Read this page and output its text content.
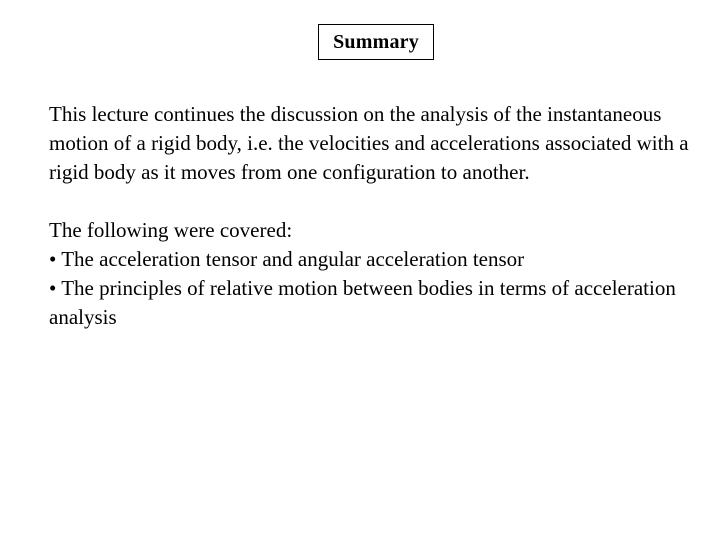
Summary

This lecture continues the discussion on the analysis of the instantaneous motion of a rigid body, i.e. the velocities and accelerations associated with a rigid body as it moves from one configuration to another.

The following were covered:

• The acceleration tensor and angular acceleration tensor

• The principles of relative motion between bodies in terms of acceleration analysis
